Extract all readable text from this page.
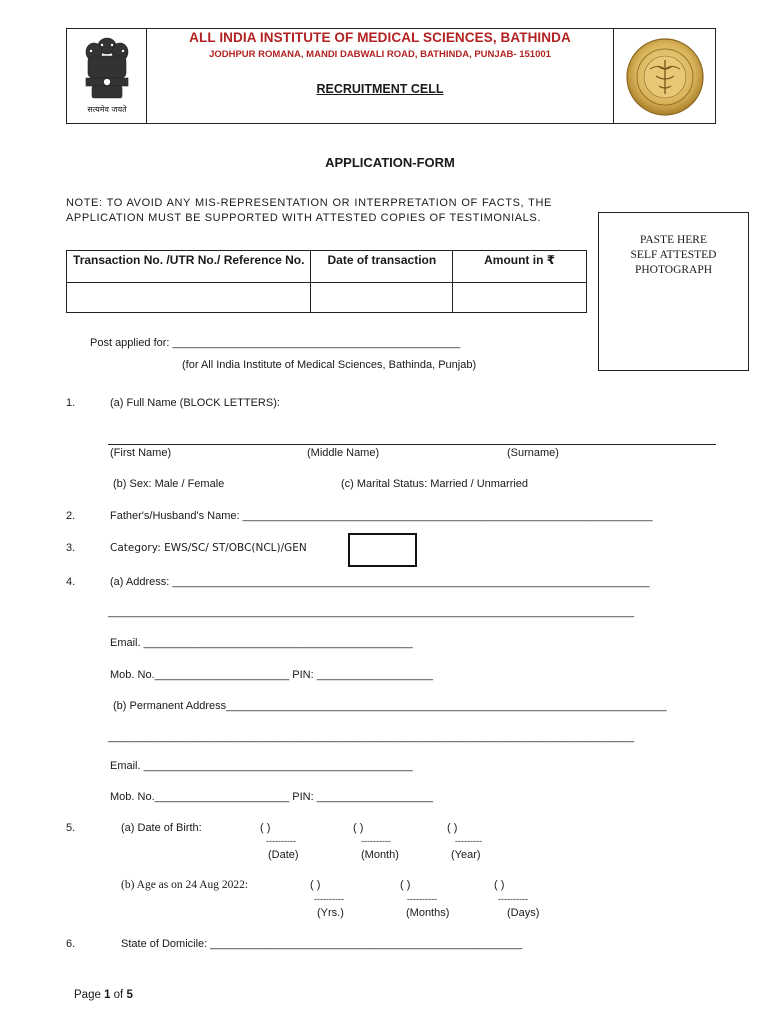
सत्यमेव जयते
ALL INDIA INSTITUTE OF MEDICAL SCIENCES, BATHINDA
JODHPUR ROMANA, MANDI DABWALI ROAD, BATHINDA, PUNJAB- 151001
RECRUITMENT CELL
APPLICATION-FORM
NOTE: TO AVOID ANY MIS-REPRESENTATION OR INTERPRETATION OF FACTS, THE APPLICATION MUST BE SUPPORTED WITH ATTESTED COPIES OF TESTIMONIALS.
Transaction No. /UTR No./ Reference No.	Date of transaction	Amount in ₹

PASTE HERE
SELF ATTESTED
PHOTOGRAPH
Post applied for: _______________________________________________
(for All India Institute of Medical Sciences, Bathinda, Punjab)
1.	(a) Full Name (BLOCK LETTERS):
(First Name)	(Middle Name)	(Surname)
(b) Sex: Male / Female	(c) Marital Status: Married / Unmarried
2.	Father's/Husband's Name: ___________________________________________________________________
3.	Category: EWS/SC/ ST/OBC(NCL)/GEN
4.	(a) Address: ______________________________________________________________________________
______________________________________________________________________________________
Email. ____________________________________________
Mob. No.______________________ PIN: ___________________
(b) Permanent Address________________________________________________________________________
______________________________________________________________________________________
Email. ____________________________________________
Mob. No.______________________ PIN: ___________________
5.	(a) Date of Birth:	( )	( )	( )
----------	----------	---------
(Date)	(Month)	(Year)
(b) Age as on 24 Aug 2022:	( )	( )	( )
----------	----------	----------
(Yrs.)	(Months)	(Days)
6.	State of Domicile: ___________________________________________________
Page 1 of 5
